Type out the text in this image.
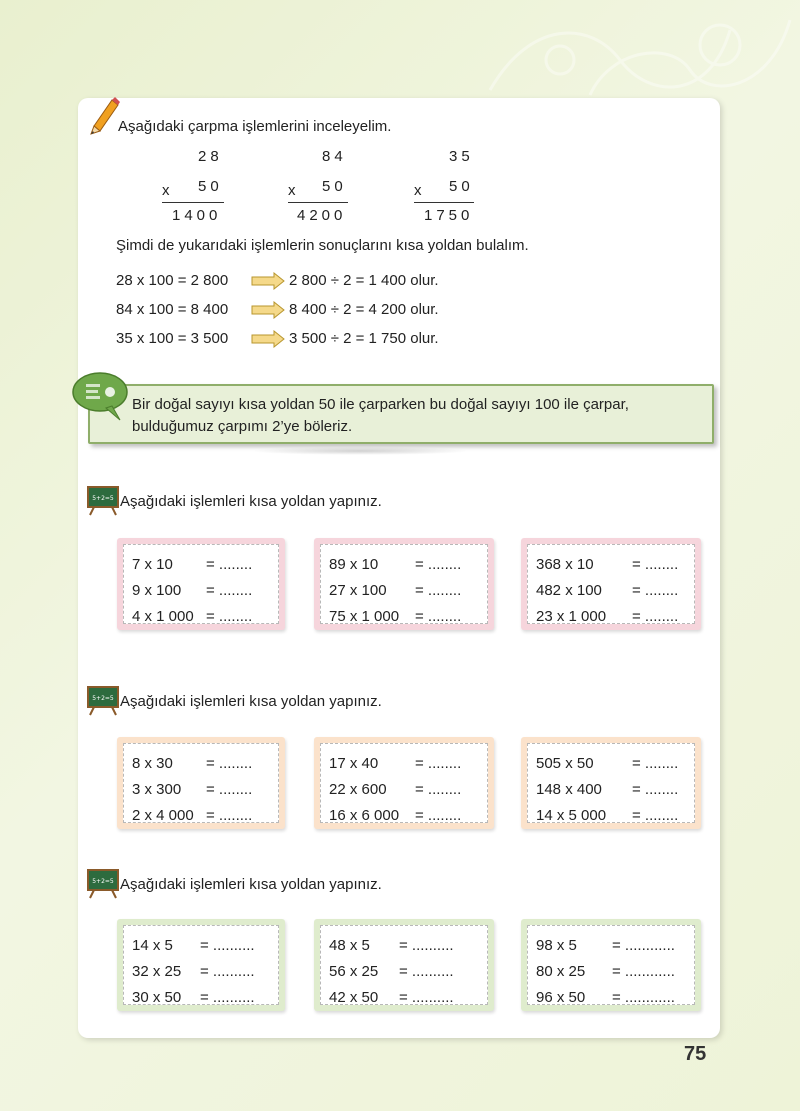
Aşağıdaki çarpma işlemlerini inceleyelim.
28
x 50
1400
84
x 50
4200
35
x 50
1750
Şimdi de yukarıdaki işlemlerin sonuçlarını kısa yoldan bulalım.
28 x 100 = 2 800	2 800 ÷ 2 = 1 400 olur.
84 x 100 = 8 400	8 400 ÷ 2 = 4 200 olur.
35 x 100 = 3 500	3 500 ÷ 2 = 1 750 olur.
Bir doğal sayıyı kısa yoldan 50 ile çarparken bu doğal sayıyı 100 ile çarpar, bulduğumuz çarpımı 2’ye böleriz.
5+2=5 Aşağıdaki işlemleri kısa yoldan yapınız.
7 x 10 = ........
9 x 100 = ........
4 x 1 000 = ........
89 x 10 = ........
27 x 100 = ........
75 x 1 000 = ........
368 x 10	= ........
482 x 100 = ........
23 x 1 000 = ........
5+2=5 Aşağıdaki işlemleri kısa yoldan yapınız.
8 x 30 = ........
3 x 300 = ........
2 x 4 000 = ........
17 x 40 = ........
22 x 600 = ........
16 x 6 000 = ........
505 x 50	= ........
148 x 400 = ........
14 x 5 000 = ........
5+2=5 Aşağıdaki işlemleri kısa yoldan yapınız.
14 x 5 = ..........
32 x 25 = ..........
30 x 50 = ..........
48 x 5 = ..........
56 x 25 = ..........
42 x 50 = ..........
98 x 5 = ............
80 x 25 = ............
96 x 50 = ............
75
